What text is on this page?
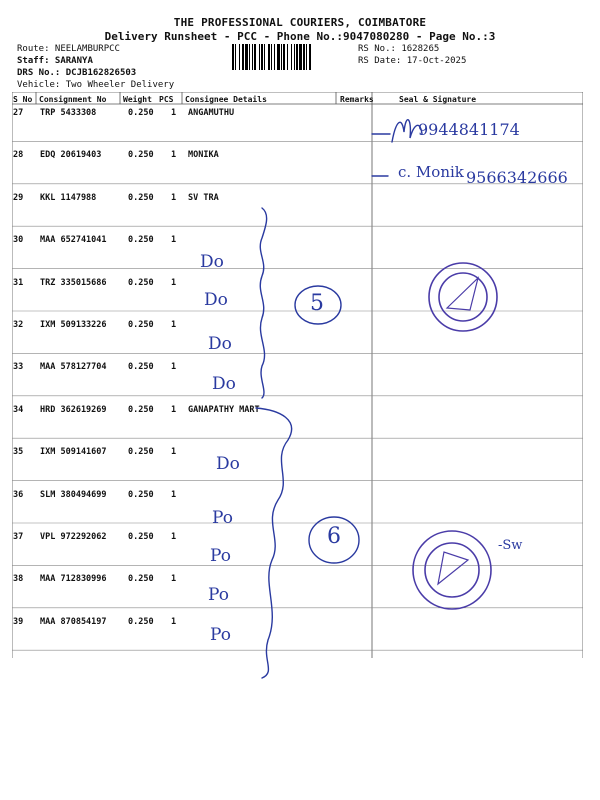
THE PROFESSIONAL COURIERS, COIMBATORE
Delivery Runsheet - PCC - Phone No.:9047080280 - Page No.:3
Route: NEELAMBURPCC
Staff: SARANYA
DRS No.: DCJB162826503
Vehicle: Two Wheeler Delivery
RS No.: 1628265
RS Date: 17-Oct-2025
S No Consignment No Weight PCS Consignee Details	Remarks	Seal & Signature
27 TRP 5433308	0.250 1 ANGAMUTHU
28 EDQ 20619403	0.250 1 MONIKA
29 KKL 1147988	0.250 1 SV TRA
30 MAA 652741041	0.250 1
31 TRZ 335015686	0.250 1
32 IXM 509133226	0.250 1
33 MAA 578127704	0.250 1
34 HRD 362619269	0.250 1 GANAPATHY MART
35 IXM 509141607	0.250 1
36 SLM 380494699	0.250 1
37 VPL 972292062	0.250 1
38 MAA 712830996	0.250 1
39 MAA 870854197	0.250 1
9944841174
c. Monik 9566342666
Do
Do
Do
Do
Do
Po
Po
Po
Po
5
6	-Sw
